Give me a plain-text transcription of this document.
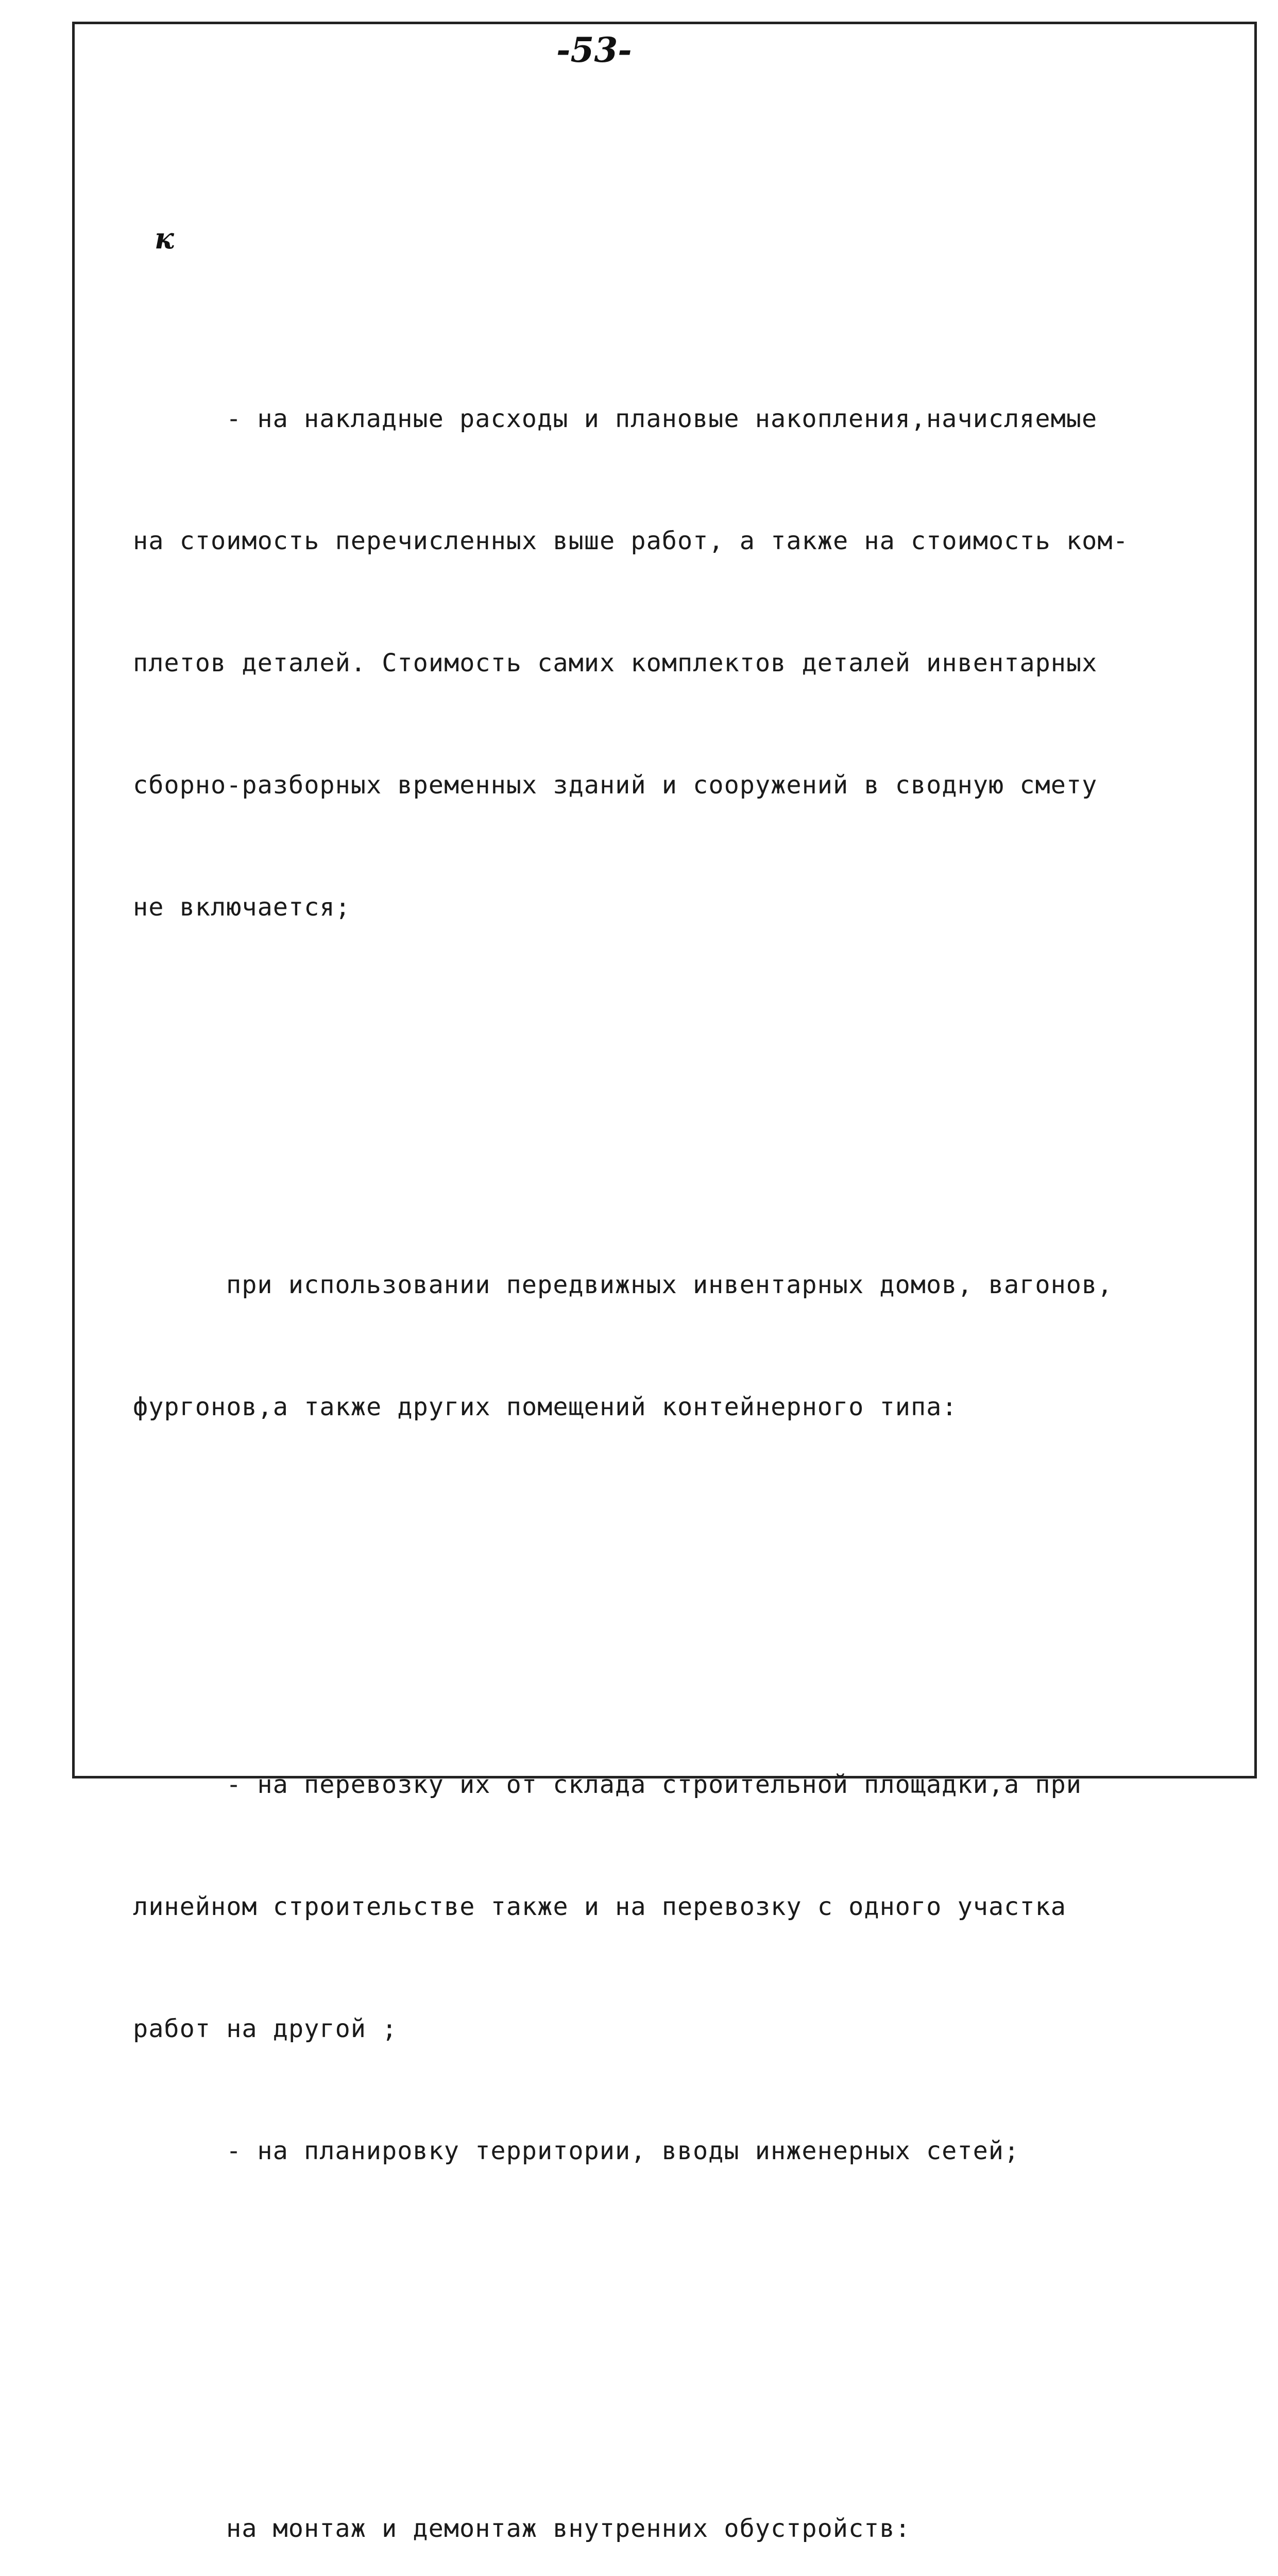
-53-
к

- на накладные расходы и плановые накопления,начисляемые

на стоимость перечисленных выше работ, а также на стоимость ком-

плетов деталей. Стоимость самих комплектов деталей инвентарных

сборно-разборных временных зданий и сооружений в сводную смету

не включается;

при использовании передвижных инвентарных домов, вагонов,

фургонов,а также других помещений контейнерного типа:

- на перевозку их от склада строительной площадки,а при

линейном строительстве также и на перевозку с одного участка

работ на другой ;

- на планировку территории, вводы инженерных сетей;

на монтаж и демонтаж внутренних обустройств:
